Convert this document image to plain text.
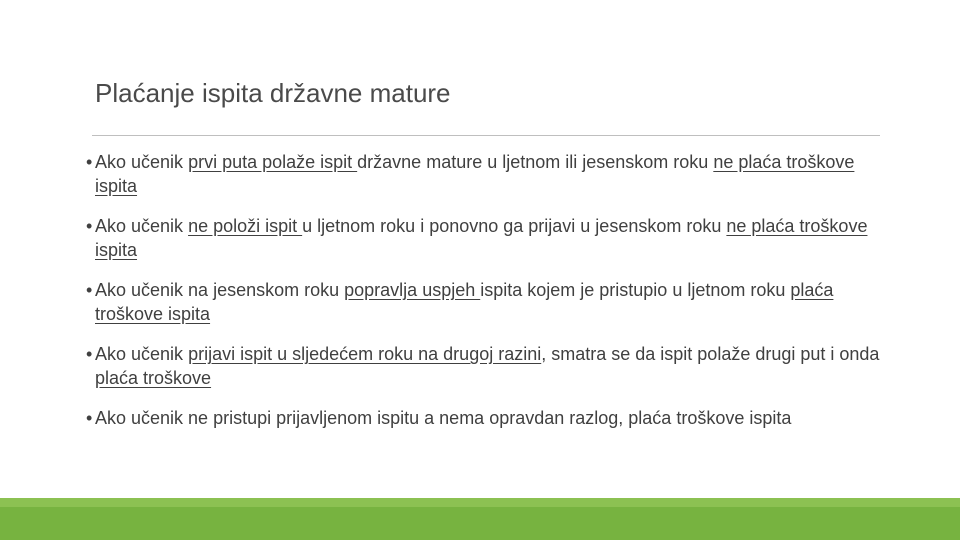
Plaćanje ispita državne mature
• Ako učenik prvi puta polaže ispit državne mature u ljetnom ili jesenskom roku ne plaća troškove ispita
• Ako učenik ne položi ispit u ljetnom roku i ponovno ga prijavi u jesenskom roku ne plaća troškove ispita
• Ako učenik na jesenskom roku popravlja uspjeh ispita kojem je pristupio u ljetnom roku plaća troškove ispita
• Ako učenik prijavi ispit u sljedećem roku na drugoj razini, smatra se da ispit polaže drugi put i onda plaća troškove
• Ako učenik ne pristupi prijavljenom ispitu a nema opravdan razlog, plaća troškove ispita
